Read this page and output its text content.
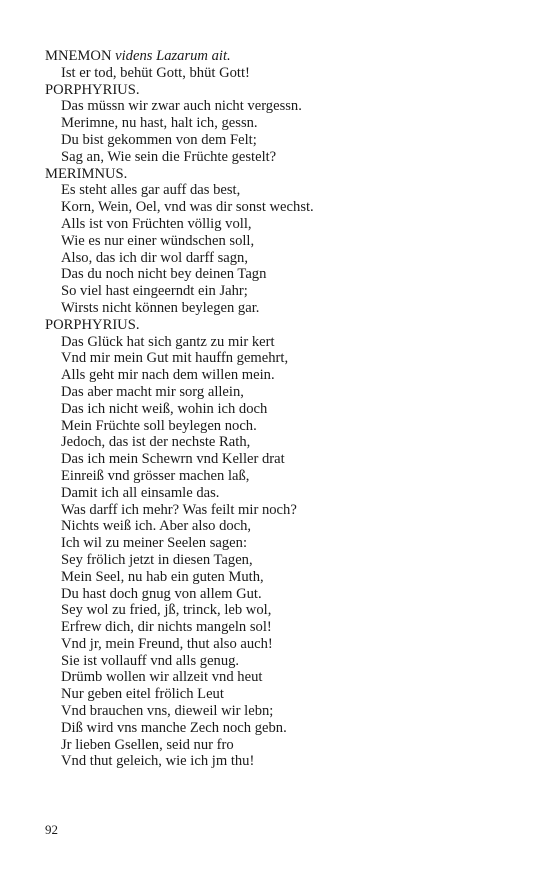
MNEMON videns Lazarum ait.
Ist er tod, behüt Gott, bhüt Gott!
PORPHYRIUS.
Das müssn wir zwar auch nicht vergessn.
Merimne, nu hast, halt ich, gessn.
Du bist gekommen von dem Felt;
Sag an, Wie sein die Früchte gestelt?
MERIMNUS.
Es steht alles gar auff das best,
Korn, Wein, Oel, vnd was dir sonst wechst.
Alls ist von Früchten völlig voll,
Wie es nur einer wündschen soll,
Also, das ich dir wol darff sagn,
Das du noch nicht bey deinen Tagn
So viel hast eingeerndt ein Jahr;
Wirsts nicht können beylegen gar.
PORPHYRIUS.
Das Glück hat sich gantz zu mir kert
Vnd mir mein Gut mit hauffn gemehrt,
Alls geht mir nach dem willen mein.
Das aber macht mir sorg allein,
Das ich nicht weiß, wohin ich doch
Mein Früchte soll beylegen noch.
Jedoch, das ist der nechste Rath,
Das ich mein Schewrn vnd Keller drat
Einreiß vnd grösser machen laß,
Damit ich all einsamle das.
Was darff ich mehr? Was feilt mir noch?
Nichts weiß ich. Aber also doch,
Ich wil zu meiner Seelen sagen:
Sey frölich jetzt in diesen Tagen,
Mein Seel, nu hab ein guten Muth,
Du hast doch gnug von allem Gut.
Sey wol zu fried, jß, trinck, leb wol,
Erfrew dich, dir nichts mangeln sol!
Vnd jr, mein Freund, thut also auch!
Sie ist vollauff vnd alls genug.
Drümb wollen wir allzeit vnd heut
Nur geben eitel frölich Leut
Vnd brauchen vns, dieweil wir lebn;
Diß wird vns manche Zech noch gebn.
Jr lieben Gsellen, seid nur fro
Vnd thut geleich, wie ich jm thu!
92
